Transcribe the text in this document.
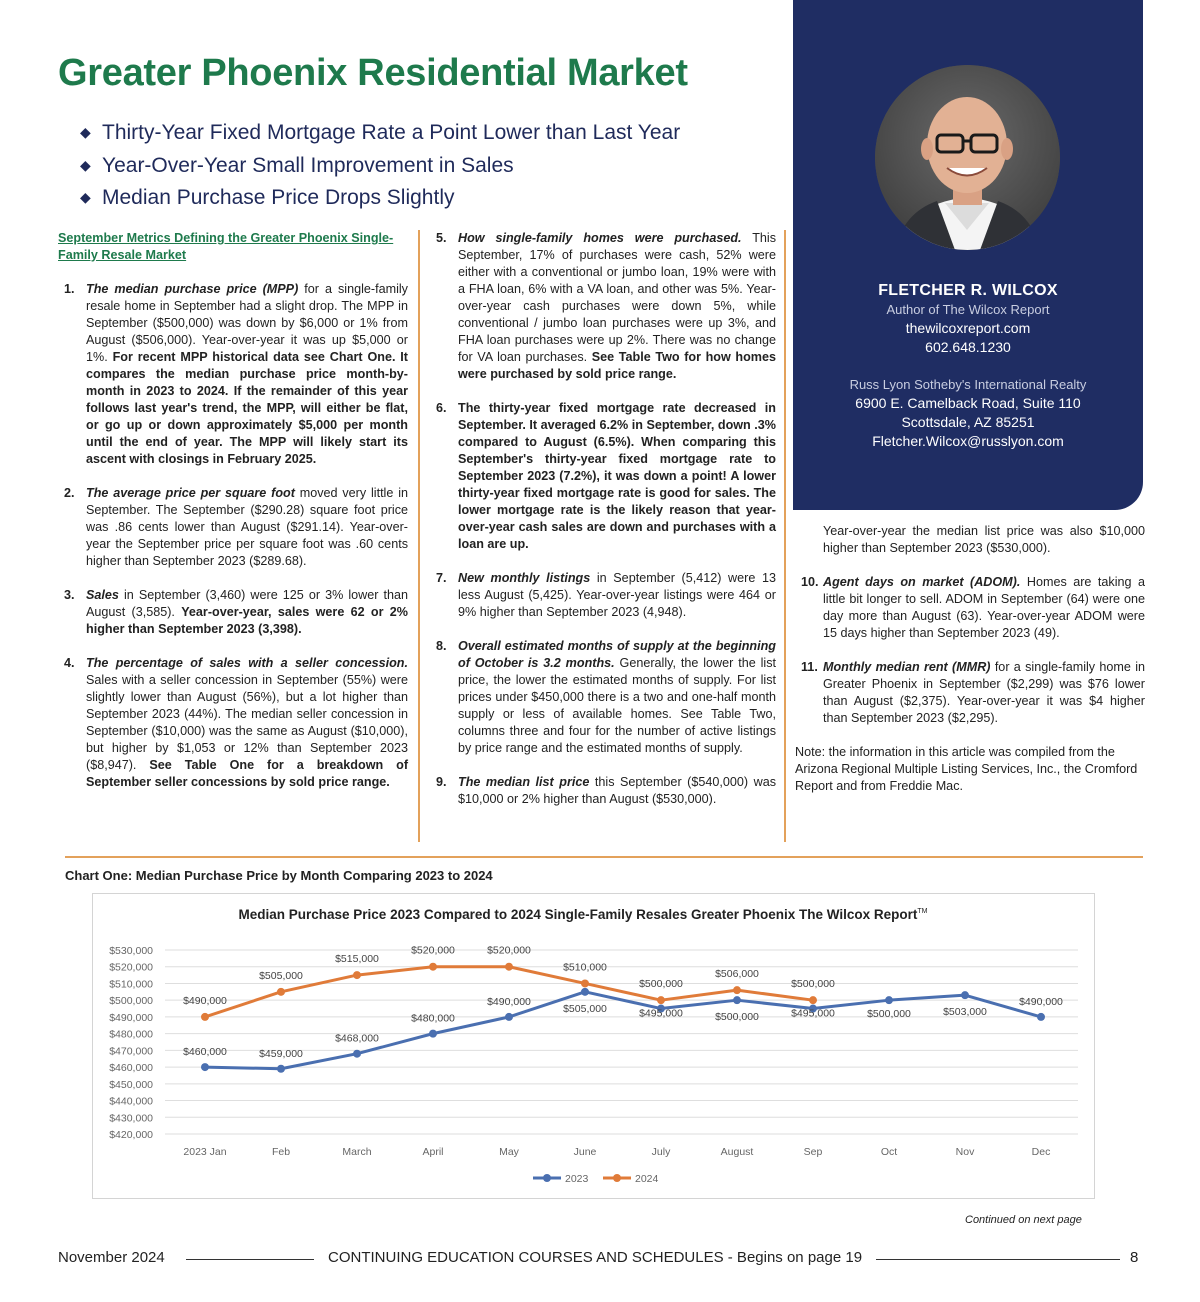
Greater Phoenix Residential Market
◆ Thirty-Year Fixed Mortgage Rate a Point Lower than Last Year
◆ Year-Over-Year Small Improvement in Sales
◆ Median Purchase Price Drops Slightly

September Metrics Defining the Greater Phoenix Single-Family Resale Market

1. The median purchase price (MPP) for a single-family resale home in September had a slight drop. The MPP in September ($500,000) was down by $6,000 or 1% from August ($506,000). Year-over-year it was up $5,000 or 1%. For recent MPP historical data see Chart One. It compares the median purchase price month-by-month in 2023 to 2024. If the remainder of this year follows last year's trend, the MPP, will either be flat, or go up or down approximately $5,000 per month until the end of year. The MPP will likely start its ascent with closings in February 2025.
2. The average price per square foot moved very little in September. The September ($290.28) square foot price was .86 cents lower than August ($291.14). Year-over-year the September price per square foot was .60 cents higher than September 2023 ($289.68).
3. Sales in September (3,460) were 125 or 3% lower than August (3,585). Year-over-year, sales were 62 or 2% higher than September 2023 (3,398).
4. The percentage of sales with a seller concession. Sales with a seller concession in September (55%) were slightly lower than August (56%), but a lot higher than September 2023 (44%). The median seller concession in September ($10,000) was the same as August ($10,000), but higher by $1,053 or 12% than September 2023 ($8,947). See Table One for a breakdown of September seller concessions by sold price range.
5. How single-family homes were purchased. This September, 17% of purchases were cash, 52% were either with a conventional or jumbo loan, 19% were with a FHA loan, 6% with a VA loan, and other was 5%. Year-over-year cash purchases were down 5%, while conventional / jumbo loan purchases were up 3%, and FHA loan purchases were up 2%. There was no change for VA loan purchases. See Table Two for how homes were purchased by sold price range.
6. The thirty-year fixed mortgage rate decreased in September. It averaged 6.2% in September, down .3% compared to August (6.5%). When comparing this September's thirty-year fixed mortgage rate to September 2023 (7.2%), it was down a point! A lower thirty-year fixed mortgage rate is good for sales. The lower mortgage rate is the likely reason that year-over-year cash sales are down and purchases with a loan are up.
7. New monthly listings in September (5,412) were 13 less August (5,425). Year-over-year listings were 464 or 9% higher than September 2023 (4,948).
8. Overall estimated months of supply at the beginning of October is 3.2 months. Generally, the lower the list price, the lower the estimated months of supply. For list prices under $450,000 there is a two and one-half month supply or less of available homes. See Table Two, columns three and four for the number of active listings by price range and the estimated months of supply.
9. The median list price this September ($540,000) was $10,000 or 2% higher than August ($530,000).
FLETCHER R. WILCOX
Author of The Wilcox Report
thewilcoxreport.com
602.648.1230
Russ Lyon Sotheby's International Realty
6900 E. Camelback Road, Suite 110
Scottsdale, AZ 85251
Fletcher.Wilcox@russlyon.com
Year-over-year the median list price was also $10,000 higher than September 2023 ($530,000).
10. Agent days on market (ADOM). Homes are taking a little bit longer to sell. ADOM in September (64) were one day more than August (63). Year-over-year ADOM were 15 days higher than September 2023 (49).
11. Monthly median rent (MMR) for a single-family home in Greater Phoenix in September ($2,299) was $76 lower than August ($2,375). Year-over-year it was $4 higher than September 2023 ($2,295).

Note: the information in this article was compiled from the Arizona Regional Multiple Listing Services, Inc., the Cromford Report and from Freddie Mac.

Chart One: Median Purchase Price by Month Comparing 2023 to 2024
Median Purchase Price 2023 Compared to 2024 Single-Family Resales Greater Phoenix The Wilcox Report™
$420,000
$430,000
$440,000
$450,000
$460,000
$470,000
$480,000
$490,000
$500,000
$510,000
$520,000
$530,000
2023 Jan	Feb	March	April	May	June	July	August	Sep	Oct	Nov	Dec
$460,000	$459,000
$468,000
$480,000
$490,000
$505,000	$495,000	$500,000	$495,000	$500,000	$503,000
$490,000
$490,000
$505,000
$515,000
$520,000	$520,000
$510,000
$500,000
$506,000
$500,000
2023	2024
Continued on next page
November 2024	CONTINUING EDUCATION COURSES AND SCHEDULES - Begins on page 19	8
